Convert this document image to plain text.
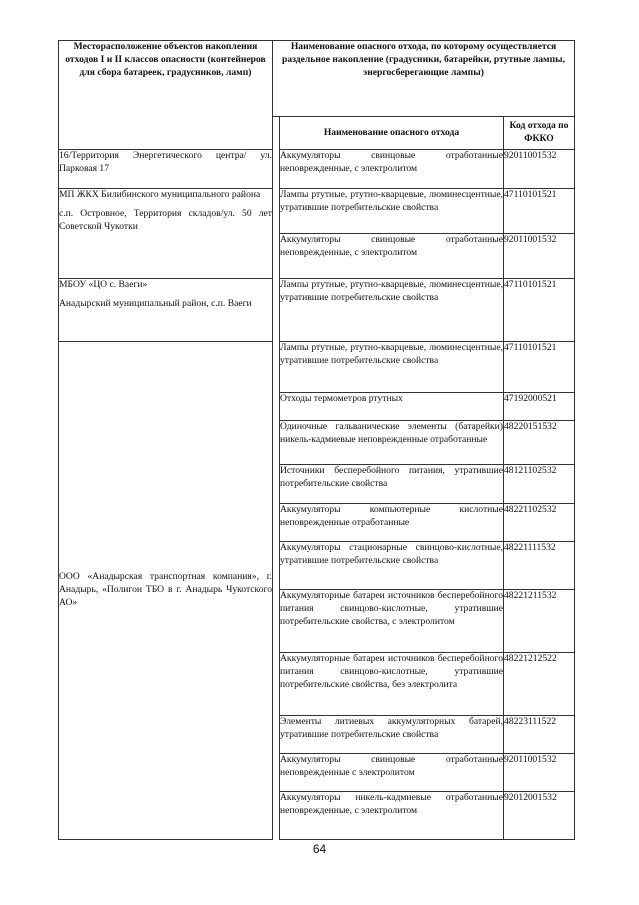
Месторасположение объектов накопления отходов I и II классов опасности (контейнеров для сбора батареек, градусников, ламп)	Наименование опасного отхода, по которому осуществляется раздельное накопление (градусники, батарейки, ртутные лампы, энергосберегающие лампы)		
		Наименование опасного отхода	Код отхода по ФККО

16/Территория Энергетического центра/ ул. Парковая 17		Аккумуляторы свинцовые отработанные неповрежденные, с электролитом	92011001532

МП ЖКХ Билибинского муниципального района

с.п. Островное, Территория складов/ул. 50 лет Советской Чукотки		Лампы ртутные, ртутно-кварцевые, люминесцентные, утратившие потребительские свойства	47110101521
		Аккумуляторы свинцовые отработанные неповрежденные, с электролитом	92011001532

МБОУ «ЦО с. Ваеги»

Анадырский муниципальный район, с.п. Ваеги		Лампы ртутные, ртутно-кварцевые, люминесцентные, утратившие потребительские свойства	47110101521

ООО «Анадырская транспортная компания», г. Анадырь, «Полигон ТБО в г. Анадырь Чукотского АО»		Лампы ртутные, ртутно-кварцевые, люминесцентные, утратившие потребительские свойства	47110101521
		Отходы термометров ртутных	47192000521
		Одиночные гальванические элементы (батарейки) никель-кадмиевые неповрежденные отработанные	48220151532
		Источники бесперебойного питания, утратившие потребительские свойства	48121102532
		Аккумуляторы компьютерные кислотные неповрежденные отработанные	48221102532
		Аккумуляторы стационарные свинцово-кислотные, утратившие потребительские свойства	48221111532
		Аккумуляторные батареи источников бесперебойного питания свинцово-кислотные, утратившие потребительские свойства, с электролитом	48221211532
		Аккумуляторные батареи источников бесперебойного питания свинцово-кислотные, утратившие потребительские свойства, без электролита	48221212522
		Элементы литиевых аккумуляторных батарей, утратившие потребительские свойства	48223111522
		Аккумуляторы свинцовые отработанные неповрежденные с электролитом	92011001532
		Аккумуляторы никель-кадмиевые отработанные неповрежденные, с электролитом	92012001532
64
